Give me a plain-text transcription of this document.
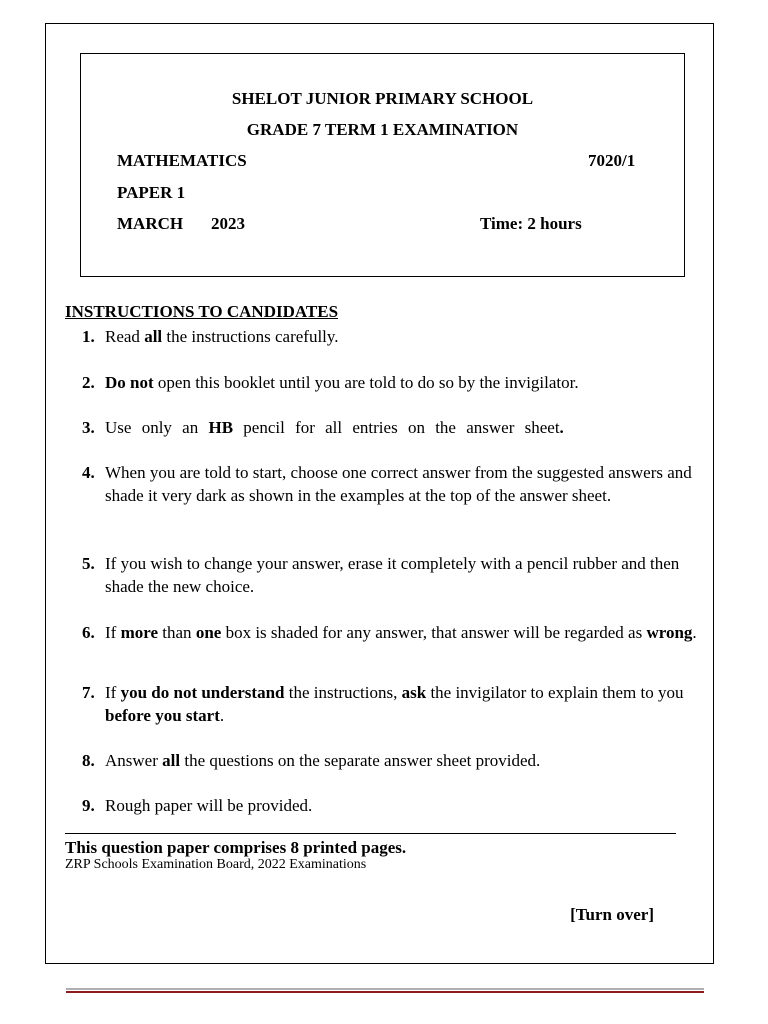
SHELOT JUNIOR PRIMARY SCHOOL
GRADE 7 TERM 1 EXAMINATION
MATHEMATICS	7020/1
PAPER 1
MARCH 2023	Time: 2 hours
INSTRUCTIONS TO CANDIDATES
1. Read all the instructions carefully.
2. Do not open this booklet until you are told to do so by the invigilator.
3. Use only an HB pencil for all entries on the answer sheet.
4. When you are told to start, choose one correct answer from the suggested answers and shade it very dark as shown in the examples at the top of the answer sheet.
5. If you wish to change your answer, erase it completely with a pencil rubber and then shade the new choice.
6. If more than one box is shaded for any answer, that answer will be regarded as wrong.
7. If you do not understand the instructions, ask the invigilator to explain them to you before you start.
8. Answer all the questions on the separate answer sheet provided.
9. Rough paper will be provided.
This question paper comprises 8 printed pages.
ZRP Schools Examination Board, 2022 Examinations
[Turn over]
